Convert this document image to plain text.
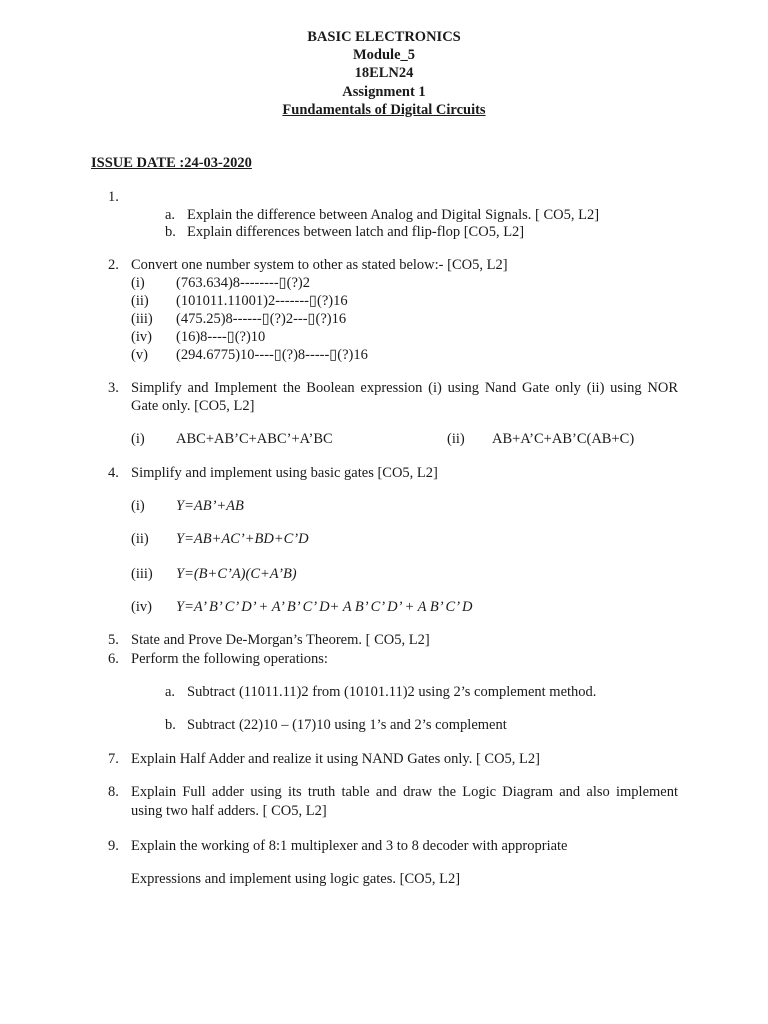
BASIC ELECTRONICS
Module_5
18ELN24
Assignment 1
Fundamentals of Digital Circuits
ISSUE DATE :24-03-2020
1.
a. Explain the difference between Analog and Digital Signals. [ CO5, L2]
b. Explain differences between latch and flip-flop [CO5, L2]
2. Convert one number system to other as stated below:- [CO5, L2]
(i) (763.634)8--------▯(?)2
(ii) (101011.11001)2-------▯(?)16
(iii) (475.25)8------▯(?)2---▯(?)16
(iv) (16)8----▯(?)10
(v) (294.6775)10----▯(?)8-----▯(?)16
3. Simplify and Implement the Boolean expression (i) using Nand Gate only (ii) using NOR
Gate only. [CO5, L2]
(i) ABC+AB’C+ABC’+A’BC	(ii) AB+A’C+AB’C(AB+C)
4. Simplify and implement using basic gates [CO5, L2]
(i) Y=AB’+AB
(ii) Y=AB+AC’+BD+C’D
(iii) Y=(B+C’A)(C+A’B)
(iv) Y=A’ B’ C’ D’ + A’ B’ C’ D+ A B’ C’ D’ + A B’ C’ D
5. State and Prove De-Morgan’s Theorem. [ CO5, L2]
6. Perform the following operations:
a. Subtract (11011.11)2 from (10101.11)2 using 2’s complement method.
b. Subtract (22)10 – (17)10 using 1’s and 2’s complement
7. Explain Half Adder and realize it using NAND Gates only. [ CO5, L2]
8. Explain Full adder using its truth table and draw the Logic Diagram and also implement
using two half adders. [ CO5, L2]
9. Explain the working of 8:1 multiplexer and 3 to 8 decoder with appropriate
Expressions and implement using logic gates. [CO5, L2]
